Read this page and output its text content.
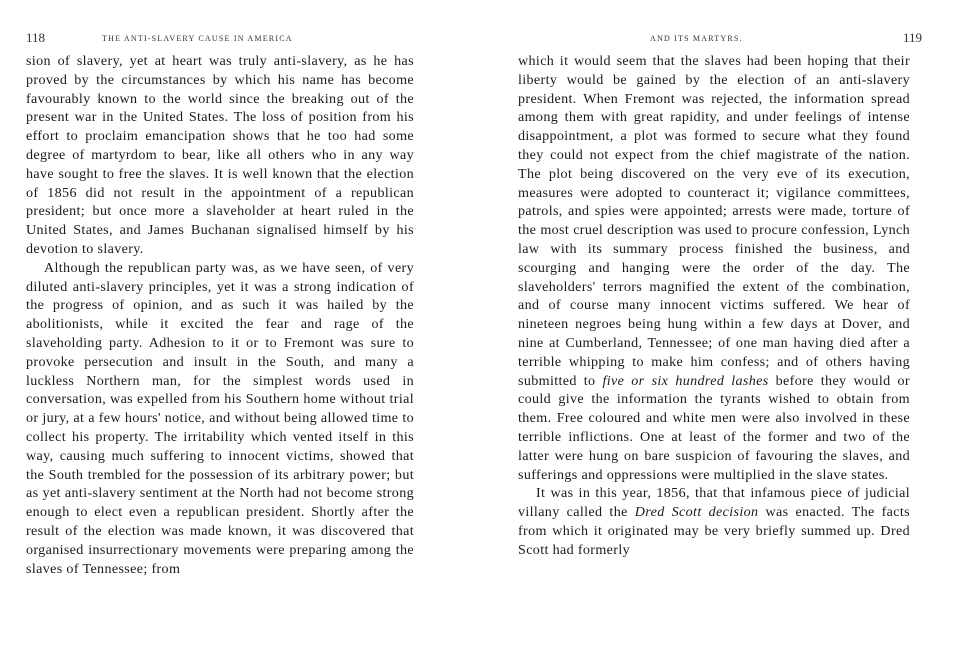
118	THE ANTI-SLAVERY CAUSE IN AMERICA

sion of slavery, yet at heart was truly anti-slavery, as he has proved by the circumstances by which his name has become favourably known to the world since the breaking out of the present war in the United States. The loss of position from his effort to proclaim emancipation shows that he too had some degree of martyrdom to bear, like all others who in any way have sought to free the slaves. It is well known that the election of 1856 did not result in the appointment of a republican president; but once more a slaveholder at heart ruled in the United States, and James Buchanan signalised himself by his devotion to slavery.

Although the republican party was, as we have seen, of very diluted anti-slavery principles, yet it was a strong indication of the progress of opinion, and as such it was hailed by the abolitionists, while it excited the fear and rage of the slaveholding party. Adhesion to it or to Fremont was sure to provoke persecution and insult in the South, and many a luckless Northern man, for the simplest words used in conversation, was expelled from his Southern home without trial or jury, at a few hours' notice, and without being allowed time to collect his property. The irritability which vented itself in this way, causing much suffering to innocent victims, showed that the South trembled for the possession of its arbitrary power; but as yet anti-slavery sentiment at the North had not become strong enough to elect even a republican president. Shortly after the result of the election was made known, it was discovered that organised insurrectionary movements were preparing among the slaves of Tennessee; from

AND ITS MARTYRS.	119

which it would seem that the slaves had been hoping that their liberty would be gained by the election of an anti-slavery president. When Fremont was rejected, the information spread among them with great rapidity, and under feelings of intense disappointment, a plot was formed to secure what they found they could not expect from the chief magistrate of the nation. The plot being discovered on the very eve of its execution, measures were adopted to counteract it; vigilance committees, patrols, and spies were appointed; arrests were made, torture of the most cruel description was used to procure confession, Lynch law with its summary process finished the business, and scourging and hanging were the order of the day. The slaveholders' terrors magnified the extent of the combination, and of course many innocent victims suffered. We hear of nineteen negroes being hung within a few days at Dover, and nine at Cumberland, Tennessee; of one man having died after a terrible whipping to make him confess; and of others having submitted to five or six hundred lashes before they would or could give the information the tyrants wished to obtain from them. Free coloured and white men were also involved in these terrible inflictions. One at least of the former and two of the latter were hung on bare suspicion of favouring the slaves, and sufferings and oppressions were multiplied in the slave states.

It was in this year, 1856, that that infamous piece of judicial villany called the Dred Scott decision was enacted. The facts from which it originated may be very briefly summed up. Dred Scott had formerly
